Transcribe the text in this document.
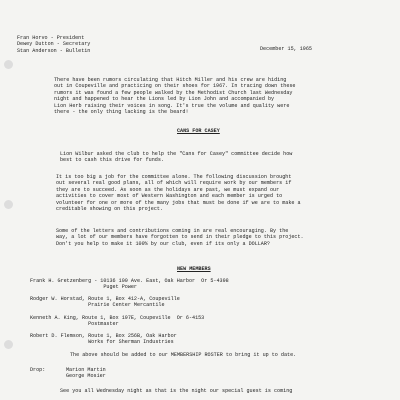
Fran Horvo - President
Dewey Dutton - Secretary
Stan Anderson - Bulletin	December 15, 1965
There have been rumors circulating that Hitch Miller and his crew are hiding
out in Coupeville and practicing on their shoes for 1967. In tracing down these
rumors it was found a few people walked by the Methodist Church last Wednesday
night and happened to hear the Lions led by Lion John and accompanied by
Lion Herb raising their voices in song. It's true the volume and quality were
there - the only thing lacking is the beard!
CANS FOR CASEY
Lion Wilbur asked the club to help the "Cans for Casey" committee decide how
best to cash this drive for funds.
It is too big a job for the committee alone. The following discussion brought
out several real good plans, all of which will require work by our members if
they are to succeed. As soon as the holidays are past, we must expand our
activities to cover most of Western Washington and each member is urged to
volunteer for one or more of the many jobs that must be done if we are to make a
creditable showing on this project.
Some of the letters and contributions coming in are real encouraging. By the
way, a lot of our members have forgotten to send in their pledge to this project.
Don't you help to make it 100% by our club, even if its only a DOLLAR?
NEW MEMBERS
Frank H. Gretzenberg - 10136 100 Ave. East, Oak Harbor  Or 5-4398
Puget Power
Rodger W. Horstad, Route 1, Box 412-A, Coupeville
Prairie Center Mercantile
Kenneth A. King, Route 1, Box 197E, Coupeville  Or 6-4153
Postmaster
Robert D. Flemson, Route 1, Box 256B, Oak Harbor
Works for Sherman Industries
The above should be added to our MEMBERSHIP ROSTER to bring it up to date.
Drop:	Marion Martin
George Mosier
See you all Wednesday night as that is the night our special guest is coming
